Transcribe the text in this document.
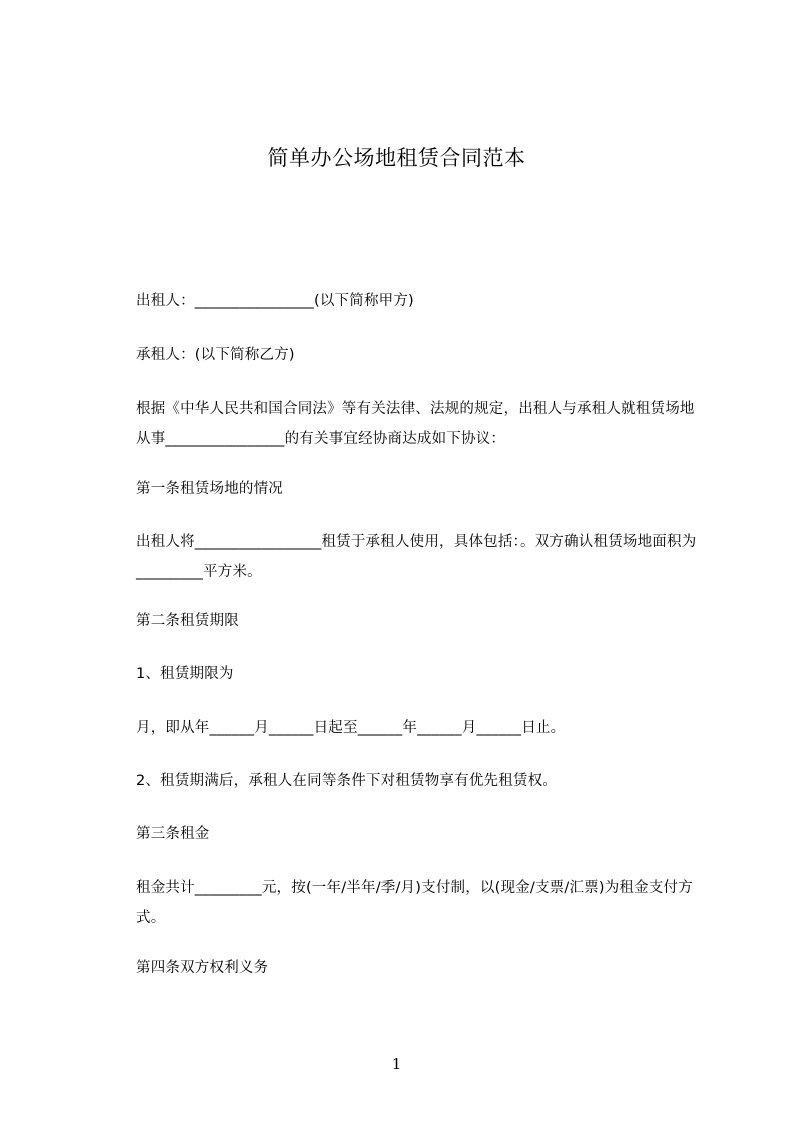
简单办公场地租赁合同范本

出租人：________________(以下简称甲方)

承租人：(以下简称乙方)

根据《中华人民共和国合同法》等有关法律、法规的规定，出租人与承租人就租赁场地从事________________的有关事宜经协商达成如下协议：

第一条租赁场地的情况

出租人将_________________租赁于承租人使用，具体包括：。双方确认租赁场地面积为_________平方米。

第二条租赁期限

1、租赁期限为

月，即从年______月______日起至______年______月______日止。

2、租赁期满后，承租人在同等条件下对租赁物享有优先租赁权。

第三条租金

租金共计_________元，按(一年/半年/季/月)支付制，以(现金/支票/汇票)为租金支付方式。

第四条双方权利义务

1
